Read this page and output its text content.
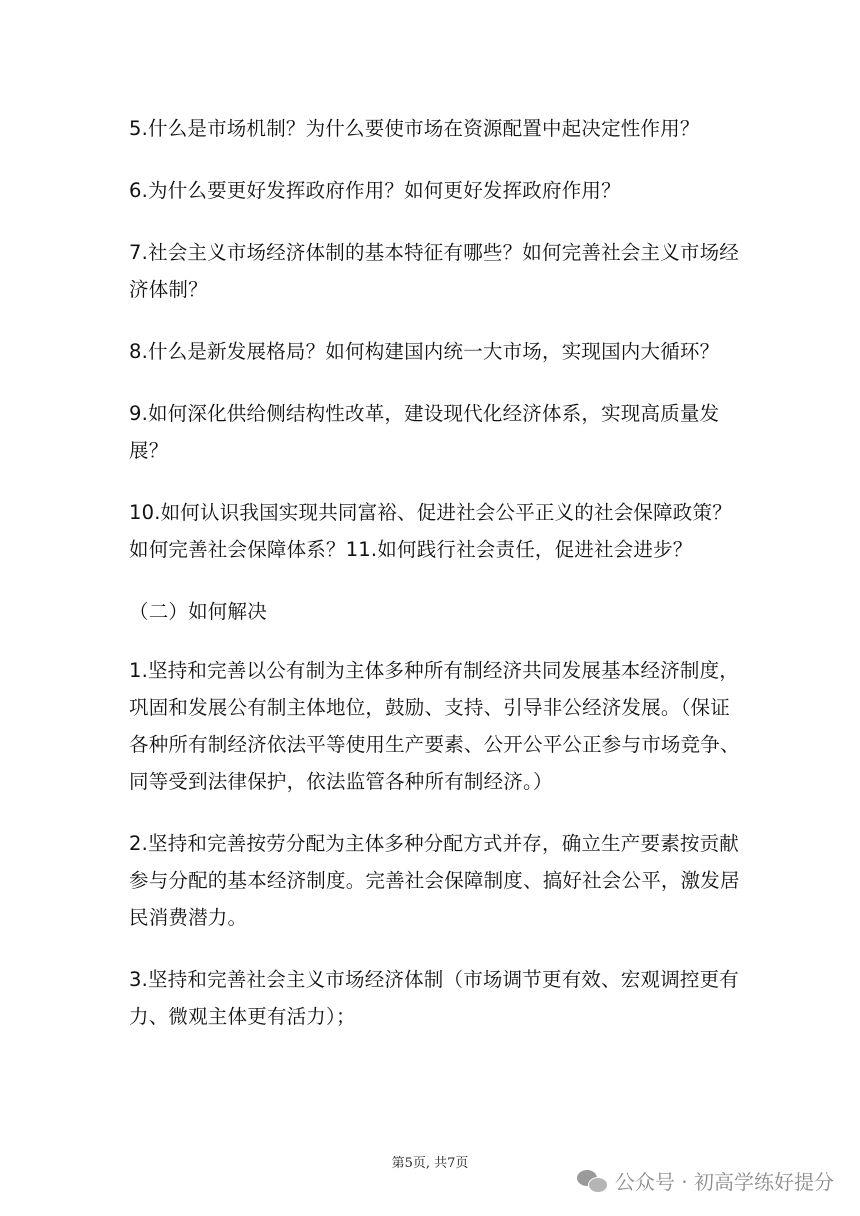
5.什么是市场机制？为什么要使市场在资源配置中起决定性作用？

6.为什么要更好发挥政府作用？如何更好发挥政府作用？

7.社会主义市场经济体制的基本特征有哪些？如何完善社会主义市场经济体制？

8.什么是新发展格局？如何构建国内统一大市场，实现国内大循环？

9.如何深化供给侧结构性改革，建设现代化经济体系，实现高质量发展？

10.如何认识我国实现共同富裕、促进社会公平正义的社会保障政策？如何完善社会保障体系？11.如何践行社会责任，促进社会进步？

（二）如何解决

1.坚持和完善以公有制为主体多种所有制经济共同发展基本经济制度，巩固和发展公有制主体地位，鼓励、支持、引导非公经济发展。（保证各种所有制经济依法平等使用生产要素、公开公平公正参与市场竞争、同等受到法律保护，依法监管各种所有制经济。）

2.坚持和完善按劳分配为主体多种分配方式并存，确立生产要素按贡献参与分配的基本经济制度。完善社会保障制度、搞好社会公平，激发居民消费潜力。

3.坚持和完善社会主义市场经济体制（市场调节更有效、宏观调控更有力、微观主体更有活力）；

第5页, 共7页
公众号 · 初高学练好提分
